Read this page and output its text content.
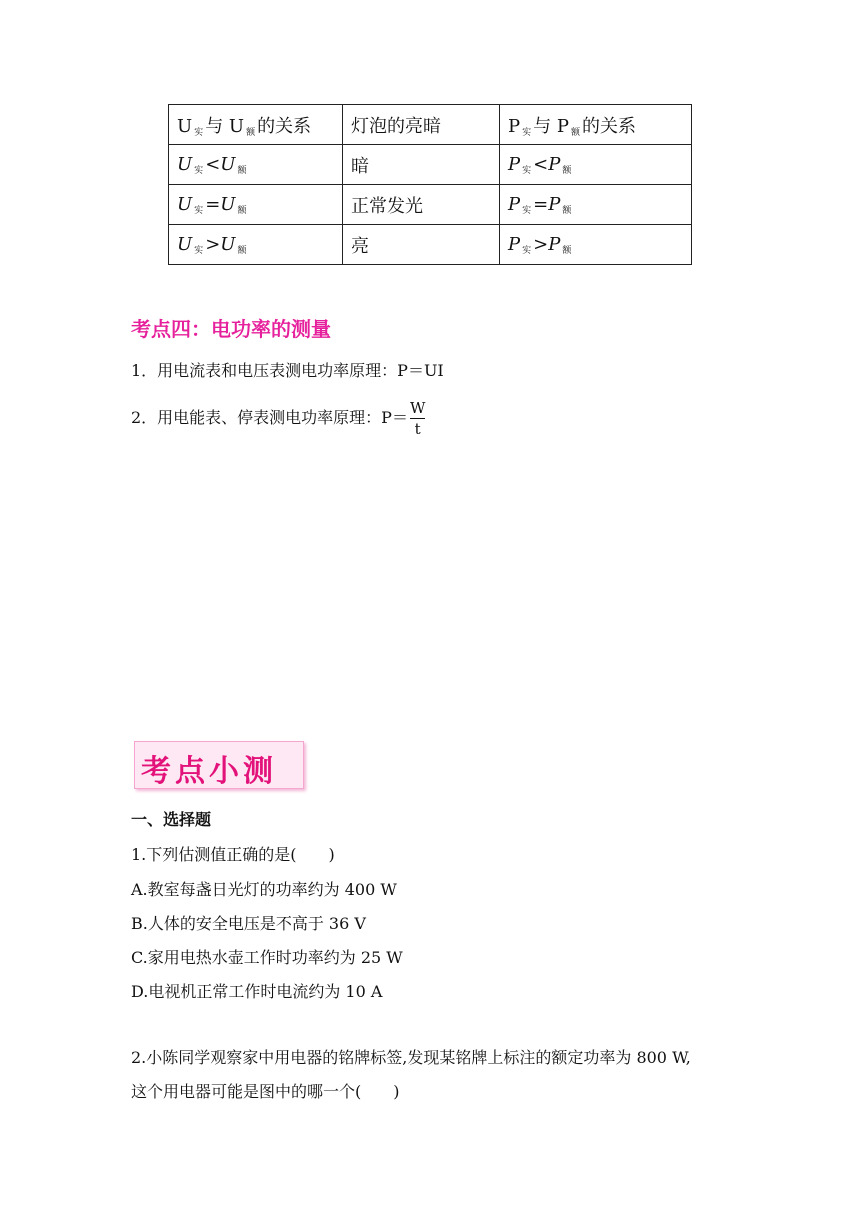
U $_实$ 与 U $_额$ 的关系	灯泡的亮暗	P $_实$ 与 P $_额$ 的关系
U $_实$ <U $_额$	暗	P $_实$ <P $_额$
U $_实$ =U $_额$	正常发光	P $_实$ =P $_额$
U $_实$ >U $_额$	亮	P $_实$ >P $_额$
考点四：电功率的测量
1．用电流表和电压表测电功率原理：P＝UI
2．用电能表、停表测电功率原理：$P= \frac{W}{t}$
考点小测
一、选择题
1.下列估测值正确的是(　　)
A.教室每盏日光灯的功率约为 400 W
B.人体的安全电压是不高于 36 V
C.家用电热水壶工作时功率约为 25 W
D.电视机正常工作时电流约为 10 A
2.小陈同学观察家中用电器的铭牌标签,发现某铭牌上标注的额定功率为 800 W,
这个用电器可能是图中的哪一个(　　)
